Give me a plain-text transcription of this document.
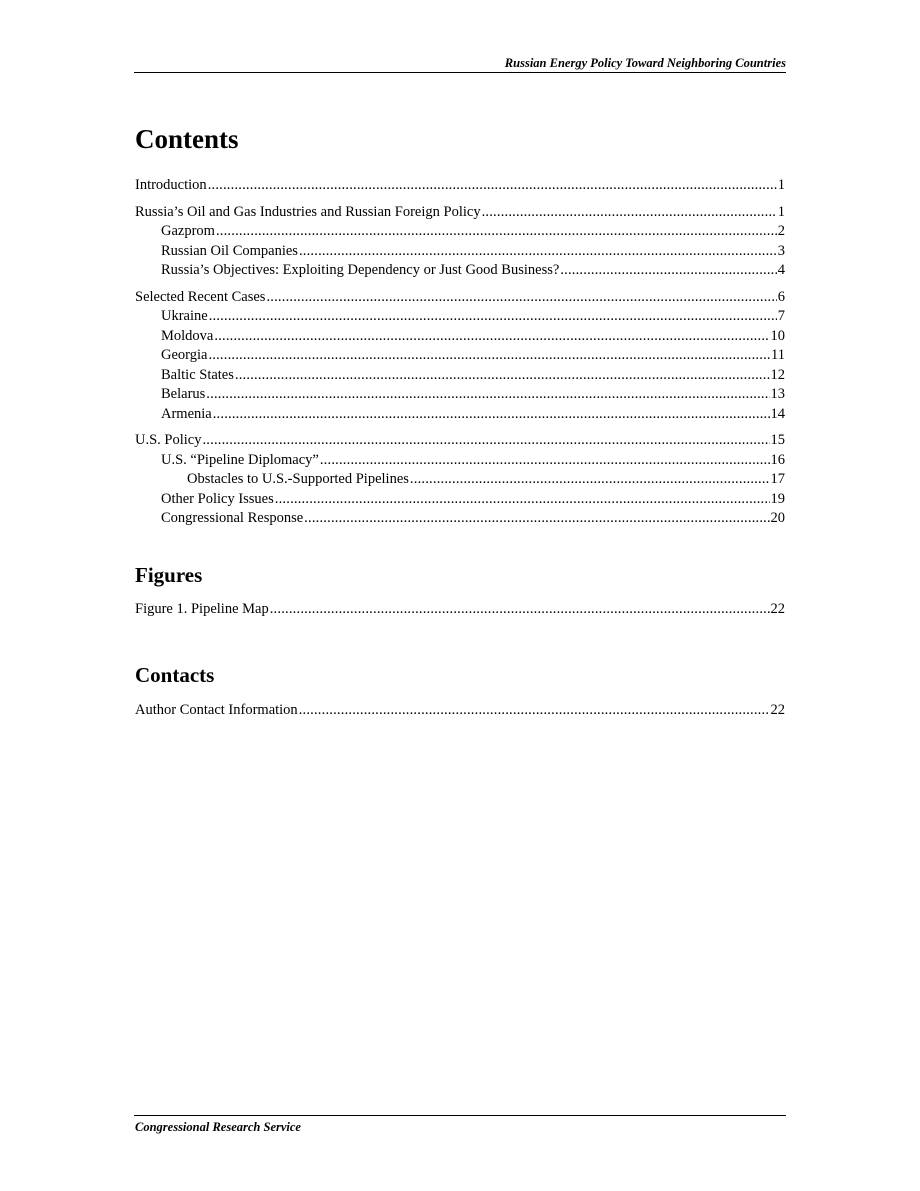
Russian Energy Policy Toward Neighboring Countries
Contents
Introduction .....	1
Russia’s Oil and Gas Industries and Russian Foreign Policy .....	1
Gazprom .....	2
Russian Oil Companies .....	3
Russia’s Objectives: Exploiting Dependency or Just Good Business? .....	4
Selected Recent Cases .....	6
Ukraine .....	7
Moldova .....	10
Georgia .....	11
Baltic States .....	12
Belarus .....	13
Armenia .....	14
U.S. Policy .....	15
U.S. “Pipeline Diplomacy” .....	16
Obstacles to U.S.-Supported Pipelines .....	17
Other Policy Issues .....	19
Congressional Response .....	20
Figures
Figure 1. Pipeline Map .....	22
Contacts
Author Contact Information .....	22
Congressional Research Service
